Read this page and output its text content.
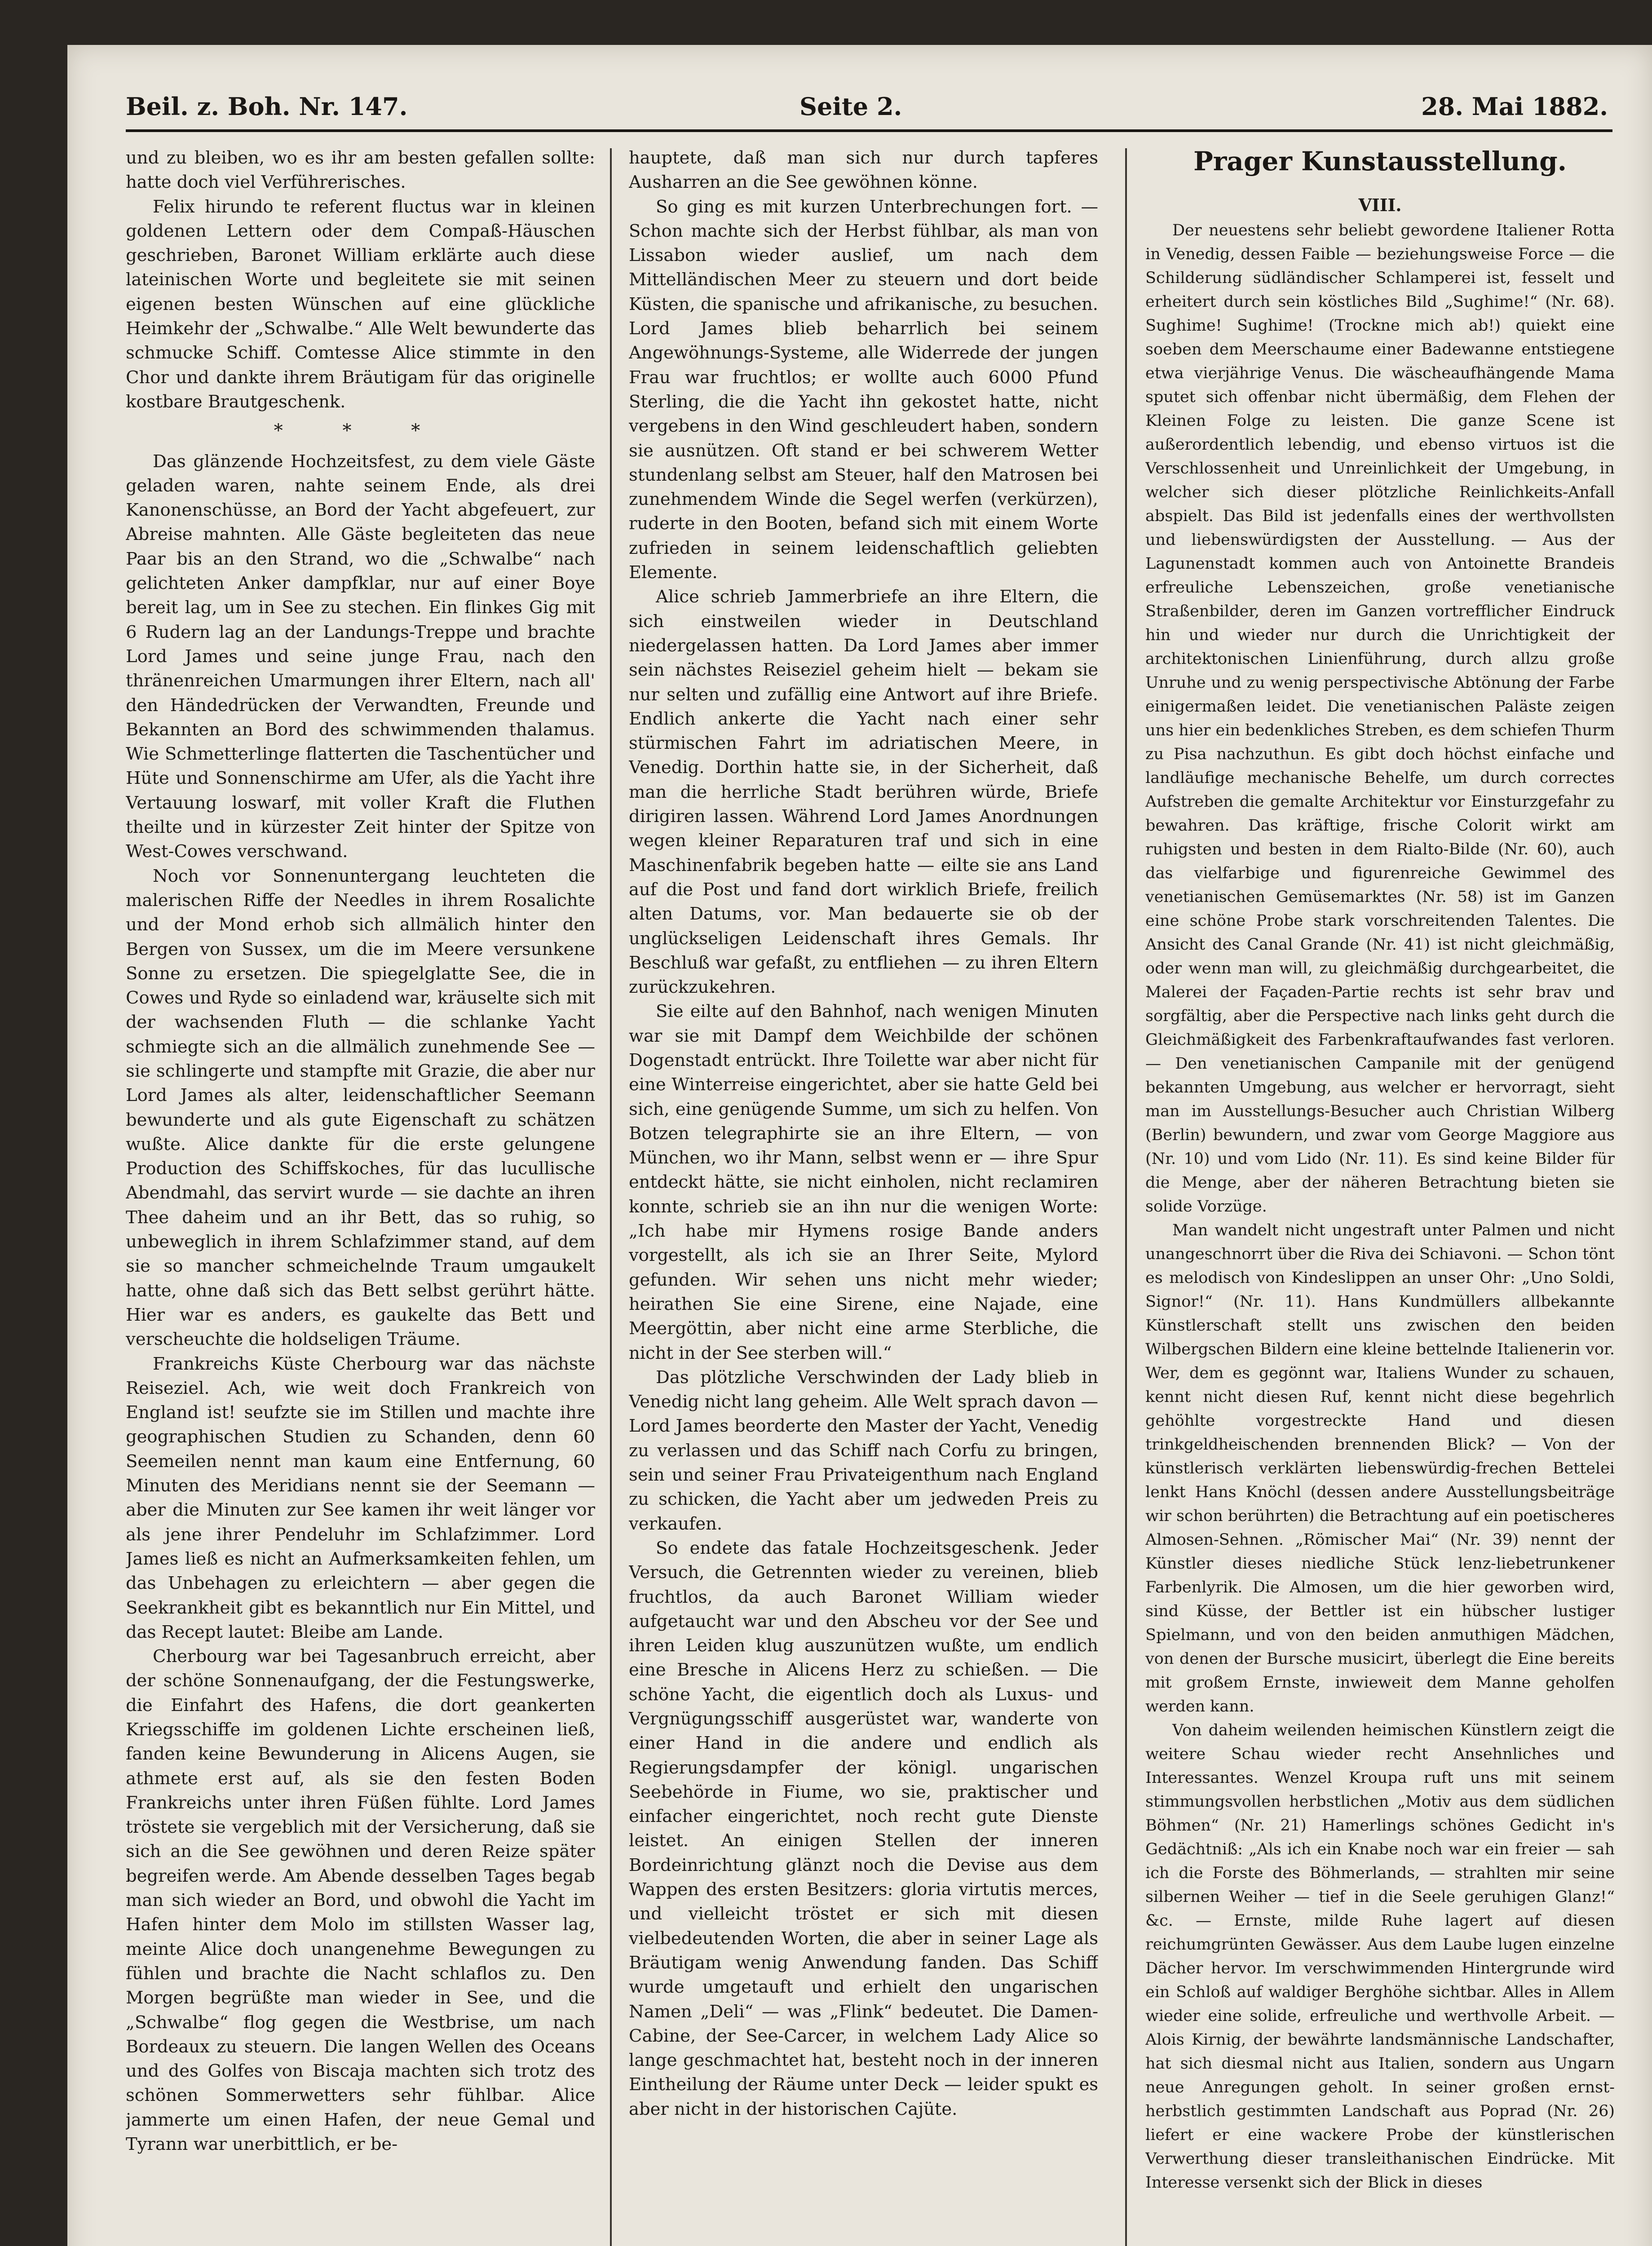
Beil. z. Boh. Nr. 147.	Seite 2.	28. Mai 1882.

und zu bleiben, wo es ihr am besten gefallen sollte: hatte doch viel Verführerisches.

Felix hirundo te referent fluctus war in kleinen goldenen Lettern oder dem Compaß-Häuschen geschrieben, Baronet William erklärte auch diese lateinischen Worte und begleitete sie mit seinen eigenen besten Wünschen auf eine glückliche Heimkehr der „Schwalbe.“ Alle Welt bewunderte das schmucke Schiff. Comtesse Alice stimmte in den Chor und dankte ihrem Bräutigam für das originelle kostbare Brautgeschenk.

* * *

Das glänzende Hochzeitsfest, zu dem viele Gäste geladen waren, nahte seinem Ende, als drei Kanonenschüsse, an Bord der Yacht abgefeuert, zur Abreise mahnten. Alle Gäste begleiteten das neue Paar bis an den Strand, wo die „Schwalbe“ nach gelichteten Anker dampfklar, nur auf einer Boye bereit lag, um in See zu stechen. Ein flinkes Gig mit 6 Rudern lag an der Landungs-Treppe und brachte Lord James und seine junge Frau, nach den thränenreichen Umarmungen ihrer Eltern, nach all' den Händedrücken der Verwandten, Freunde und Bekannten an Bord des schwimmenden thalamus. Wie Schmetterlinge flatterten die Taschentücher und Hüte und Sonnenschirme am Ufer, als die Yacht ihre Vertauung loswarf, mit voller Kraft die Fluthen theilte und in kürzester Zeit hinter der Spitze von West-Cowes verschwand.

Noch vor Sonnenuntergang leuchteten die malerischen Riffe der Needles in ihrem Rosalichte und der Mond erhob sich allmälich hinter den Bergen von Sussex, um die im Meere versunkene Sonne zu ersetzen. Die spiegelglatte See, die in Cowes und Ryde so einladend war, kräuselte sich mit der wachsenden Fluth — die schlanke Yacht schmiegte sich an die allmälich zunehmende See — sie schlingerte und stampfte mit Grazie, die aber nur Lord James als alter, leidenschaftlicher Seemann bewunderte und als gute Eigenschaft zu schätzen wußte. Alice dankte für die erste gelungene Production des Schiffskoches, für das lucullische Abendmahl, das servirt wurde — sie dachte an ihren Thee daheim und an ihr Bett, das so ruhig, so unbeweglich in ihrem Schlafzimmer stand, auf dem sie so mancher schmeichelnde Traum umgaukelt hatte, ohne daß sich das Bett selbst gerührt hätte. Hier war es anders, es gaukelte das Bett und verscheuchte die holdseligen Träume.

Frankreichs Küste Cherbourg war das nächste Reiseziel. Ach, wie weit doch Frankreich von England ist! seufzte sie im Stillen und machte ihre geographischen Studien zu Schanden, denn 60 Seemeilen nennt man kaum eine Entfernung, 60 Minuten des Meridians nennt sie der Seemann — aber die Minuten zur See kamen ihr weit länger vor als jene ihrer Pendeluhr im Schlafzimmer. Lord James ließ es nicht an Aufmerksamkeiten fehlen, um das Unbehagen zu erleichtern — aber gegen die Seekrankheit gibt es bekanntlich nur Ein Mittel, und das Recept lautet: Bleibe am Lande.

Cherbourg war bei Tagesanbruch erreicht, aber der schöne Sonnenaufgang, der die Festungswerke, die Einfahrt des Hafens, die dort geankerten Kriegsschiffe im goldenen Lichte erscheinen ließ, fanden keine Bewunderung in Alicens Augen, sie athmete erst auf, als sie den festen Boden Frankreichs unter ihren Füßen fühlte. Lord James tröstete sie vergeblich mit der Versicherung, daß sie sich an die See gewöhnen und deren Reize später begreifen werde. Am Abende desselben Tages begab man sich wieder an Bord, und obwohl die Yacht im Hafen hinter dem Molo im stillsten Wasser lag, meinte Alice doch unangenehme Bewegungen zu fühlen und brachte die Nacht schlaflos zu. Den Morgen begrüßte man wieder in See, und die „Schwalbe“ flog gegen die Westbrise, um nach Bordeaux zu steuern. Die langen Wellen des Oceans und des Golfes von Biscaja machten sich trotz des schönen Sommerwetters sehr fühlbar. Alice jammerte um einen Hafen, der neue Gemal und Tyrann war unerbittlich, er be-

hauptete, daß man sich nur durch tapferes Ausharren an die See gewöhnen könne.

So ging es mit kurzen Unterbrechungen fort. — Schon machte sich der Herbst fühlbar, als man von Lissabon wieder auslief, um nach dem Mittelländischen Meer zu steuern und dort beide Küsten, die spanische und afrikanische, zu besuchen. Lord James blieb beharrlich bei seinem Angewöhnungs-Systeme, alle Widerrede der jungen Frau war fruchtlos; er wollte auch 6000 Pfund Sterling, die die Yacht ihn gekostet hatte, nicht vergebens in den Wind geschleudert haben, sondern sie ausnützen. Oft stand er bei schwerem Wetter stundenlang selbst am Steuer, half den Matrosen bei zunehmendem Winde die Segel werfen (verkürzen), ruderte in den Booten, befand sich mit einem Worte zufrieden in seinem leidenschaftlich geliebten Elemente.

Alice schrieb Jammerbriefe an ihre Eltern, die sich einstweilen wieder in Deutschland niedergelassen hatten. Da Lord James aber immer sein nächstes Reiseziel geheim hielt — bekam sie nur selten und zufällig eine Antwort auf ihre Briefe. Endlich ankerte die Yacht nach einer sehr stürmischen Fahrt im adriatischen Meere, in Venedig. Dorthin hatte sie, in der Sicherheit, daß man die herrliche Stadt berühren würde, Briefe dirigiren lassen. Während Lord James Anordnungen wegen kleiner Reparaturen traf und sich in eine Maschinenfabrik begeben hatte — eilte sie ans Land auf die Post und fand dort wirklich Briefe, freilich alten Datums, vor. Man bedauerte sie ob der unglückseligen Leidenschaft ihres Gemals. Ihr Beschluß war gefaßt, zu entfliehen — zu ihren Eltern zurückzukehren.

Sie eilte auf den Bahnhof, nach wenigen Minuten war sie mit Dampf dem Weichbilde der schönen Dogenstadt entrückt. Ihre Toilette war aber nicht für eine Winterreise eingerichtet, aber sie hatte Geld bei sich, eine genügende Summe, um sich zu helfen. Von Botzen telegraphirte sie an ihre Eltern, — von München, wo ihr Mann, selbst wenn er — ihre Spur entdeckt hätte, sie nicht einholen, nicht reclamiren konnte, schrieb sie an ihn nur die wenigen Worte: „Ich habe mir Hymens rosige Bande anders vorgestellt, als ich sie an Ihrer Seite, Mylord gefunden. Wir sehen uns nicht mehr wieder; heirathen Sie eine Sirene, eine Najade, eine Meergöttin, aber nicht eine arme Sterbliche, die nicht in der See sterben will.“

Das plötzliche Verschwinden der Lady blieb in Venedig nicht lang geheim. Alle Welt sprach davon — Lord James beorderte den Master der Yacht, Venedig zu verlassen und das Schiff nach Corfu zu bringen, sein und seiner Frau Privateigenthum nach England zu schicken, die Yacht aber um jedweden Preis zu verkaufen.

So endete das fatale Hochzeitsgeschenk. Jeder Versuch, die Getrennten wieder zu vereinen, blieb fruchtlos, da auch Baronet William wieder aufgetaucht war und den Abscheu vor der See und ihren Leiden klug auszunützen wußte, um endlich eine Bresche in Alicens Herz zu schießen. — Die schöne Yacht, die eigentlich doch als Luxus- und Vergnügungsschiff ausgerüstet war, wanderte von einer Hand in die andere und endlich als Regierungsdampfer der königl. ungarischen Seebehörde in Fiume, wo sie, praktischer und einfacher eingerichtet, noch recht gute Dienste leistet. An einigen Stellen der inneren Bordeinrichtung glänzt noch die Devise aus dem Wappen des ersten Besitzers: gloria virtutis merces, und vielleicht tröstet er sich mit diesen vielbedeutenden Worten, die aber in seiner Lage als Bräutigam wenig Anwendung fanden. Das Schiff wurde umgetauft und erhielt den ungarischen Namen „Deli“ — was „Flink“ bedeutet. Die Damen-Cabine, der See-Carcer, in welchem Lady Alice so lange geschmachtet hat, besteht noch in der inneren Eintheilung der Räume unter Deck — leider spukt es aber nicht in der historischen Cajüte.

Prager Kunstausstellung.
VIII.

Der neuestens sehr beliebt gewordene Italiener Rotta in Venedig, dessen Faible — beziehungsweise Force — die Schilderung südländischer Schlamperei ist, fesselt und erheitert durch sein köstliches Bild „Sughime!“ (Nr. 68). Sughime! Sughime! (Trockne mich ab!) quiekt eine soeben dem Meerschaume einer Badewanne entstiegene etwa vierjährige Venus. Die wäscheaufhängende Mama sputet sich offenbar nicht übermäßig, dem Flehen der Kleinen Folge zu leisten. Die ganze Scene ist außerordentlich lebendig, und ebenso virtuos ist die Verschlossenheit und Unreinlichkeit der Umgebung, in welcher sich dieser plötzliche Reinlichkeits-Anfall abspielt. Das Bild ist jedenfalls eines der werthvollsten und liebenswürdigsten der Ausstellung. — Aus der Lagunenstadt kommen auch von Antoinette Brandeis erfreuliche Lebenszeichen, große venetianische Straßenbilder, deren im Ganzen vortrefflicher Eindruck hin und wieder nur durch die Unrichtigkeit der architektonischen Linienführung, durch allzu große Unruhe und zu wenig perspectivische Abtönung der Farbe einigermaßen leidet. Die venetianischen Paläste zeigen uns hier ein bedenkliches Streben, es dem schiefen Thurm zu Pisa nachzuthun. Es gibt doch höchst einfache und landläufige mechanische Behelfe, um durch correctes Aufstreben die gemalte Architektur vor Einsturzgefahr zu bewahren. Das kräftige, frische Colorit wirkt am ruhigsten und besten in dem Rialto-Bilde (Nr. 60), auch das vielfarbige und figurenreiche Gewimmel des venetianischen Gemüsemarktes (Nr. 58) ist im Ganzen eine schöne Probe stark vorschreitenden Talentes. Die Ansicht des Canal Grande (Nr. 41) ist nicht gleichmäßig, oder wenn man will, zu gleichmäßig durchgearbeitet, die Malerei der Façaden-Partie rechts ist sehr brav und sorgfältig, aber die Perspective nach links geht durch die Gleichmäßigkeit des Farbenkraftaufwandes fast verloren. — Den venetianischen Campanile mit der genügend bekannten Umgebung, aus welcher er hervorragt, sieht man im Ausstellungs-Besucher auch Christian Wilberg (Berlin) bewundern, und zwar vom George Maggiore aus (Nr. 10) und vom Lido (Nr. 11). Es sind keine Bilder für die Menge, aber der näheren Betrachtung bieten sie solide Vorzüge.

Man wandelt nicht ungestraft unter Palmen und nicht unangeschnorrt über die Riva dei Schiavoni. — Schon tönt es melodisch von Kindeslippen an unser Ohr: „Uno Soldi, Signor!“ (Nr. 11). Hans Kundmüllers allbekannte Künstlerschaft stellt uns zwischen den beiden Wilbergschen Bildern eine kleine bettelnde Italienerin vor. Wer, dem es gegönnt war, Italiens Wunder zu schauen, kennt nicht diesen Ruf, kennt nicht diese begehrlich gehöhlte vorgestreckte Hand und diesen trinkgeldheischenden brennenden Blick? — Von der künstlerisch verklärten liebenswürdig-frechen Bettelei lenkt Hans Knöchl (dessen andere Ausstellungsbeiträge wir schon berührten) die Betrachtung auf ein poetischeres Almosen-Sehnen. „Römischer Mai“ (Nr. 39) nennt der Künstler dieses niedliche Stück lenz-liebetrunkener Farbenlyrik. Die Almosen, um die hier geworben wird, sind Küsse, der Bettler ist ein hübscher lustiger Spielmann, und von den beiden anmuthigen Mädchen, von denen der Bursche musicirt, überlegt die Eine bereits mit großem Ernste, inwieweit dem Manne geholfen werden kann.

Von daheim weilenden heimischen Künstlern zeigt die weitere Schau wieder recht Ansehnliches und Interessantes. Wenzel Kroupa ruft uns mit seinem stimmungsvollen herbstlichen „Motiv aus dem südlichen Böhmen“ (Nr. 21) Hamerlings schönes Gedicht in's Gedächtniß: „Als ich ein Knabe noch war ein freier — sah ich die Forste des Böhmerlands, — strahlten mir seine silbernen Weiher — tief in die Seele geruhigen Glanz!“ &c. — Ernste, milde Ruhe lagert auf diesen reichumgrünten Gewässer. Aus dem Laube lugen einzelne Dächer hervor. Im verschwimmenden Hintergrunde wird ein Schloß auf waldiger Berghöhe sichtbar. Alles in Allem wieder eine solide, erfreuliche und werthvolle Arbeit. — Alois Kirnig, der bewährte landsmännische Landschafter, hat sich diesmal nicht aus Italien, sondern aus Ungarn neue Anregungen geholt. In seiner großen ernst-herbstlich gestimmten Landschaft aus Poprad (Nr. 26) liefert er eine wackere Probe der künstlerischen Verwerthung dieser transleithanischen Eindrücke. Mit Interesse versenkt sich der Blick in dieses
